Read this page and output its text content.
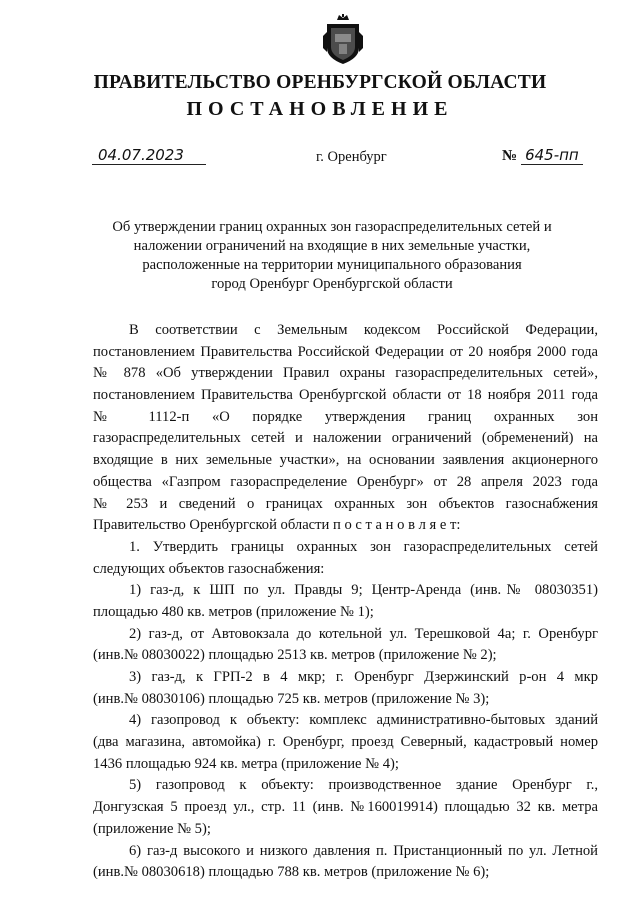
ПРАВИТЕЛЬСТВО ОРЕНБУРГСКОЙ ОБЛАСТИ
ПОСТАНОВЛЕНИЕ
04.07.2023	г. Оренбург	№ 645-пп
Об утверждении границ охранных зон газораспределительных сетей и
наложении ограничений на входящие в них земельные участки,
расположенные на территории муниципального образования
город Оренбург Оренбургской области
В соответствии с Земельным кодексом Российской Федерации,
постановлением Правительства Российской Федерации от 20 ноября 2000 года
№ 878 «Об утверждении Правил охраны газораспределительных сетей»,
постановлением Правительства Оренбургской области от 18 ноября 2011 года
№ 1112-п «О порядке утверждения границ охранных зон
газораспределительных сетей и наложении ограничений (обременений) на
входящие в них земельные участки», на основании заявления акционерного
общества «Газпром газораспределение Оренбург» от 28 апреля 2023 года
№ 253 и сведений о границах охранных зон объектов газоснабжения
Правительство Оренбургской области п о с т а н о в л я е т:
1. Утвердить границы охранных зон газораспределительных сетей
следующих объектов газоснабжения:
1) газ-д, к ШП по ул. Правды 9; Центр-Аренда (инв.№ 08030351)
площадью 480 кв. метров (приложение № 1);
2) газ-д, от Автовокзала до котельной ул. Терешковой 4а; г. Оренбург
(инв.№ 08030022) площадью 2513 кв. метров (приложение № 2);
3) газ-д, к ГРП-2 в 4 мкр; г. Оренбург Дзержинский р-он 4 мкр
(инв.№ 08030106) площадью 725 кв. метров (приложение № 3);
4) газопровод к объекту: комплекс административно-бытовых зданий
(два магазина, автомойка) г. Оренбург, проезд Северный, кадастровый номер
1436 площадью 924 кв. метра (приложение № 4);
5) газопровод к объекту: производственное здание Оренбург г.,
Донгузская 5 проезд ул., стр. 11 (инв. №160019914) площадью 32 кв. метра
(приложение № 5);
6) газ-д высокого и низкого давления п. Пристанционный по ул. Летной
(инв.№ 08030618) площадью 788 кв. метров (приложение № 6);
